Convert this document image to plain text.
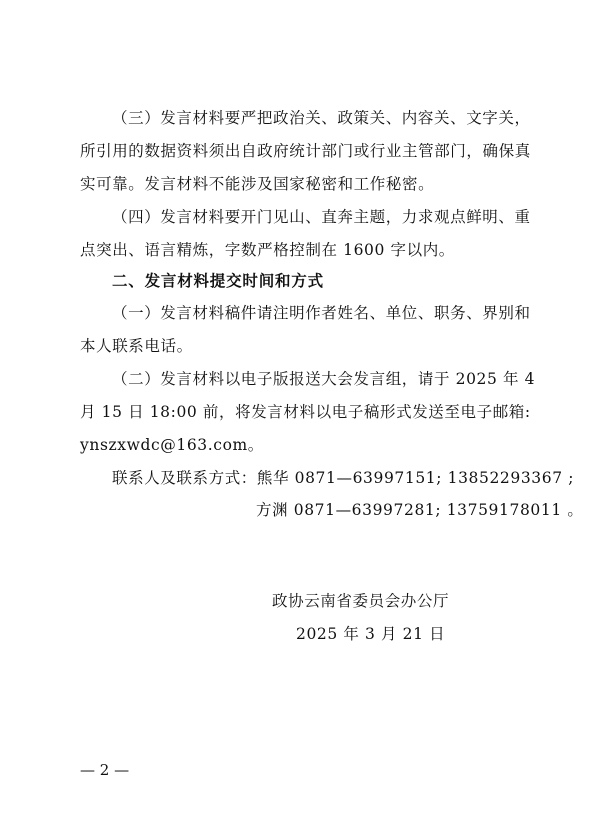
（三）发言材料要严把政治关、政策关、内容关、文字关，
所引用的数据资料须出自政府统计部门或行业主管部门，确保真
实可靠。发言材料不能涉及国家秘密和工作秘密。
（四）发言材料要开门见山、直奔主题，力求观点鲜明、重
点突出、语言精炼，字数严格控制在 1600 字以内。
二、发言材料提交时间和方式
（一）发言材料稿件请注明作者姓名、单位、职务、界别和
本人联系电话。
（二）发言材料以电子版报送大会发言组，请于 2025 年 4
月 15 日 18:00 前，将发言材料以电子稿形式发送至电子邮箱:
ynszxwdc@163.com。
联系人及联系方式：熊华 0871—63997151; 13852293367 ;
方渊 0871—63997281; 13759178011 。
政协云南省委员会办公厅
2025 年 3 月 21 日
— 2 —
